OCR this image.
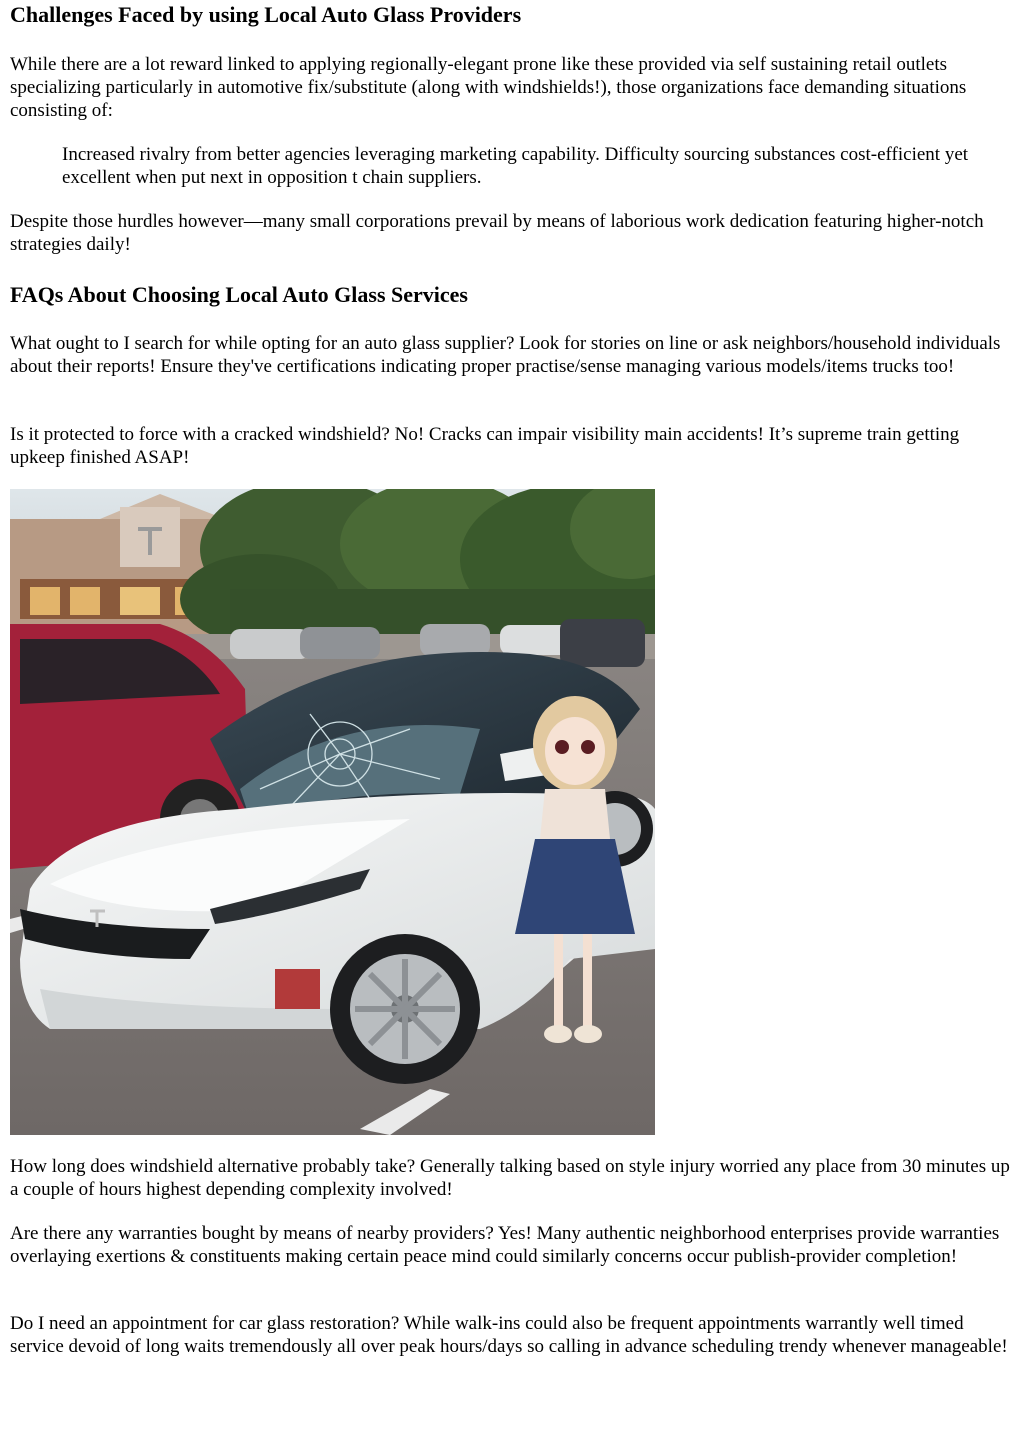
Challenges Faced by using Local Auto Glass Providers

While there are a lot reward linked to applying regionally-elegant prone like these provided via self sustaining retail outlets specializing particularly in automotive fix/substitute (along with windshields!), those organizations face demanding situations consisting of:

Increased rivalry from better agencies leveraging marketing capability. Difficulty sourcing substances cost-efficient yet excellent when put next in opposition t chain suppliers.

Despite those hurdles however—many small corporations prevail by means of laborious work dedication featuring higher-notch strategies daily!

FAQs About Choosing Local Auto Glass Services

What ought to I search for while opting for an auto glass supplier? Look for stories on line or ask neighbors/household individuals about their reports! Ensure they've certifications indicating proper practise/sense managing various models/items trucks too!

Is it protected to force with a cracked windshield? No! Cracks can impair visibility main accidents! It’s supreme train getting upkeep finished ASAP!

How long does windshield alternative probably take? Generally talking based on style injury worried any place from 30 minutes up a couple of hours highest depending complexity involved!

Are there any warranties bought by means of nearby providers? Yes! Many authentic neighborhood enterprises provide warranties overlaying exertions & constituents making certain peace mind could similarly concerns occur publish-provider completion!

Do I need an appointment for car glass restoration? While walk-ins could also be frequent appointments warrantly well timed service devoid of long waits tremendously all over peak hours/days so calling in advance scheduling trendy whenever manageable!
